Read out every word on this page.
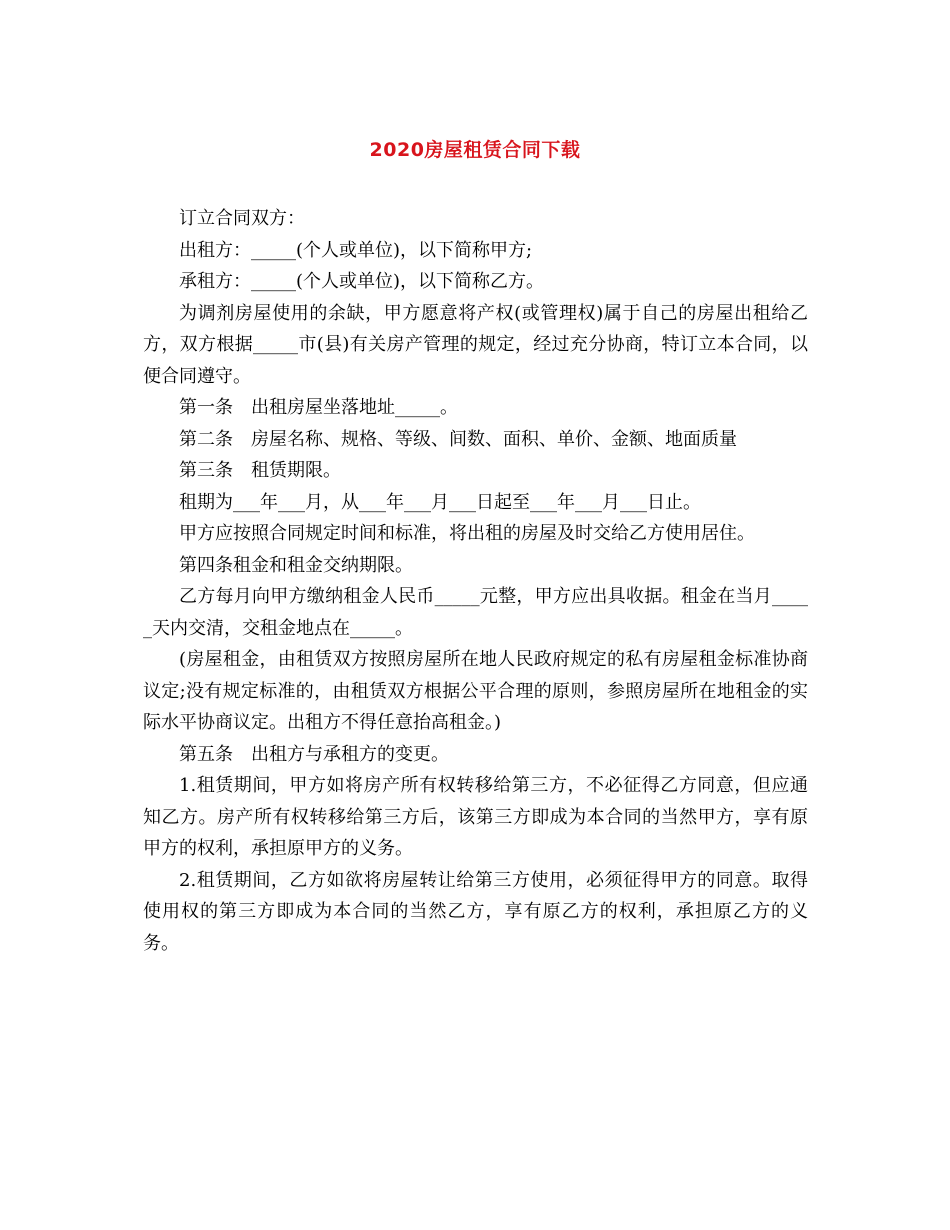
2020房屋租赁合同下载

订立合同双方：

出租方：_____(个人或单位)，以下简称甲方;

承租方：_____(个人或单位)，以下简称乙方。

为调剂房屋使用的余缺，甲方愿意将产权(或管理权)属于自己的房屋出租给乙方，双方根据_____市(县)有关房产管理的规定，经过充分协商，特订立本合同，以便合同遵守。

第一条　出租房屋坐落地址_____。

第二条　房屋名称、规格、等级、间数、面积、单价、金额、地面质量

第三条　租赁期限。

租期为___年___月，从___年___月___日起至___年___月___日止。

甲方应按照合同规定时间和标准，将出租的房屋及时交给乙方使用居住。

第四条租金和租金交纳期限。

乙方每月向甲方缴纳租金人民币_____元整，甲方应出具收据。租金在当月_____天内交清，交租金地点在_____。

(房屋租金，由租赁双方按照房屋所在地人民政府规定的私有房屋租金标准协商议定;没有规定标准的，由租赁双方根据公平合理的原则，参照房屋所在地租金的实际水平协商议定。出租方不得任意抬高租金。)

第五条　出租方与承租方的变更。

1.租赁期间，甲方如将房产所有权转移给第三方，不必征得乙方同意，但应通知乙方。房产所有权转移给第三方后，该第三方即成为本合同的当然甲方，享有原甲方的权利，承担原甲方的义务。

2.租赁期间，乙方如欲将房屋转让给第三方使用，必须征得甲方的同意。取得使用权的第三方即成为本合同的当然乙方，享有原乙方的权利，承担原乙方的义务。
